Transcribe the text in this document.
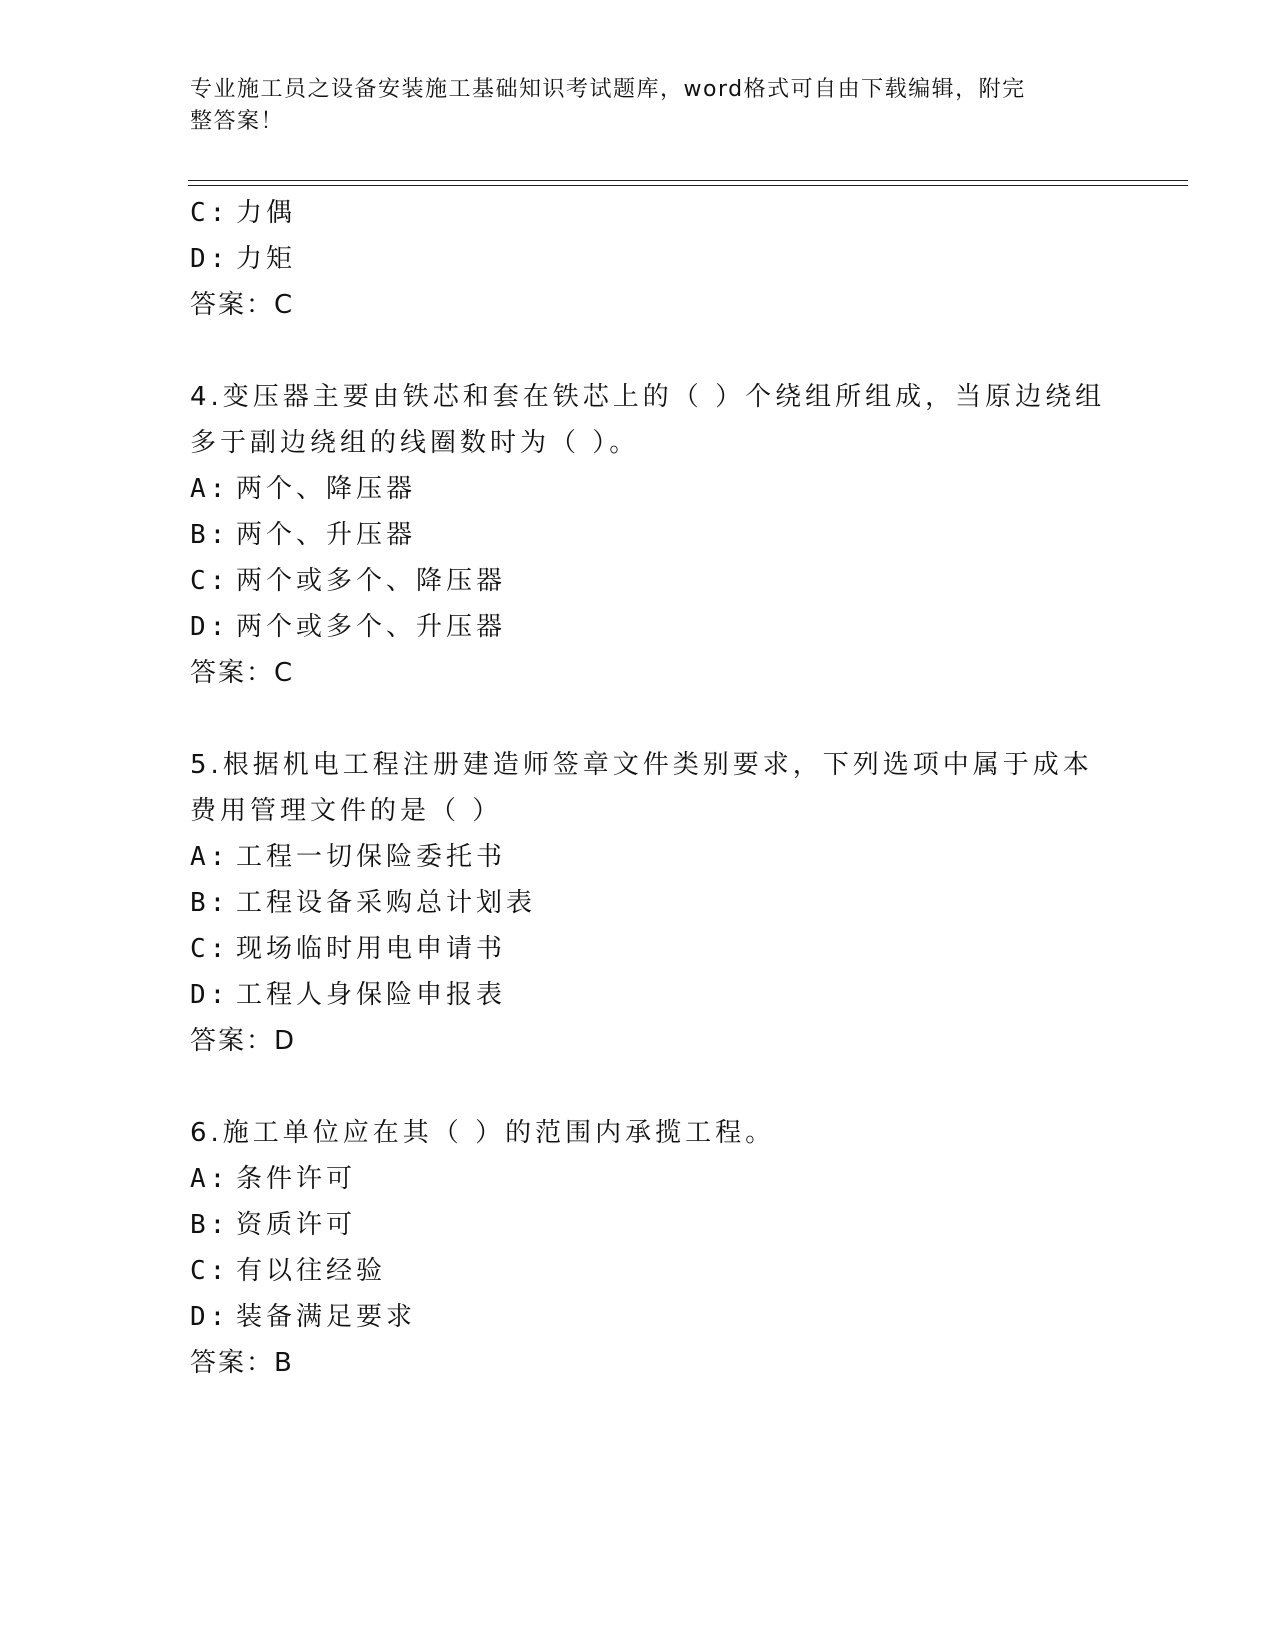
专业施工员之设备安装施工基础知识考试题库，word格式可自由下载编辑，附完
整答案！
C: 力偶
D: 力矩
答案：C
4.变压器主要由铁芯和套在铁芯上的（ ）个绕组所组成，当原边绕组
多于副边绕组的线圈数时为（ ）。
A: 两个、降压器
B: 两个、升压器
C: 两个或多个、降压器
D: 两个或多个、升压器
答案：C
5.根据机电工程注册建造师签章文件类别要求，下列选项中属于成本
费用管理文件的是（ ）
A: 工程一切保险委托书
B: 工程设备采购总计划表
C: 现场临时用电申请书
D: 工程人身保险申报表
答案：D
6.施工单位应在其（ ）的范围内承揽工程。
A: 条件许可
B: 资质许可
C: 有以往经验
D: 装备满足要求
答案：B
